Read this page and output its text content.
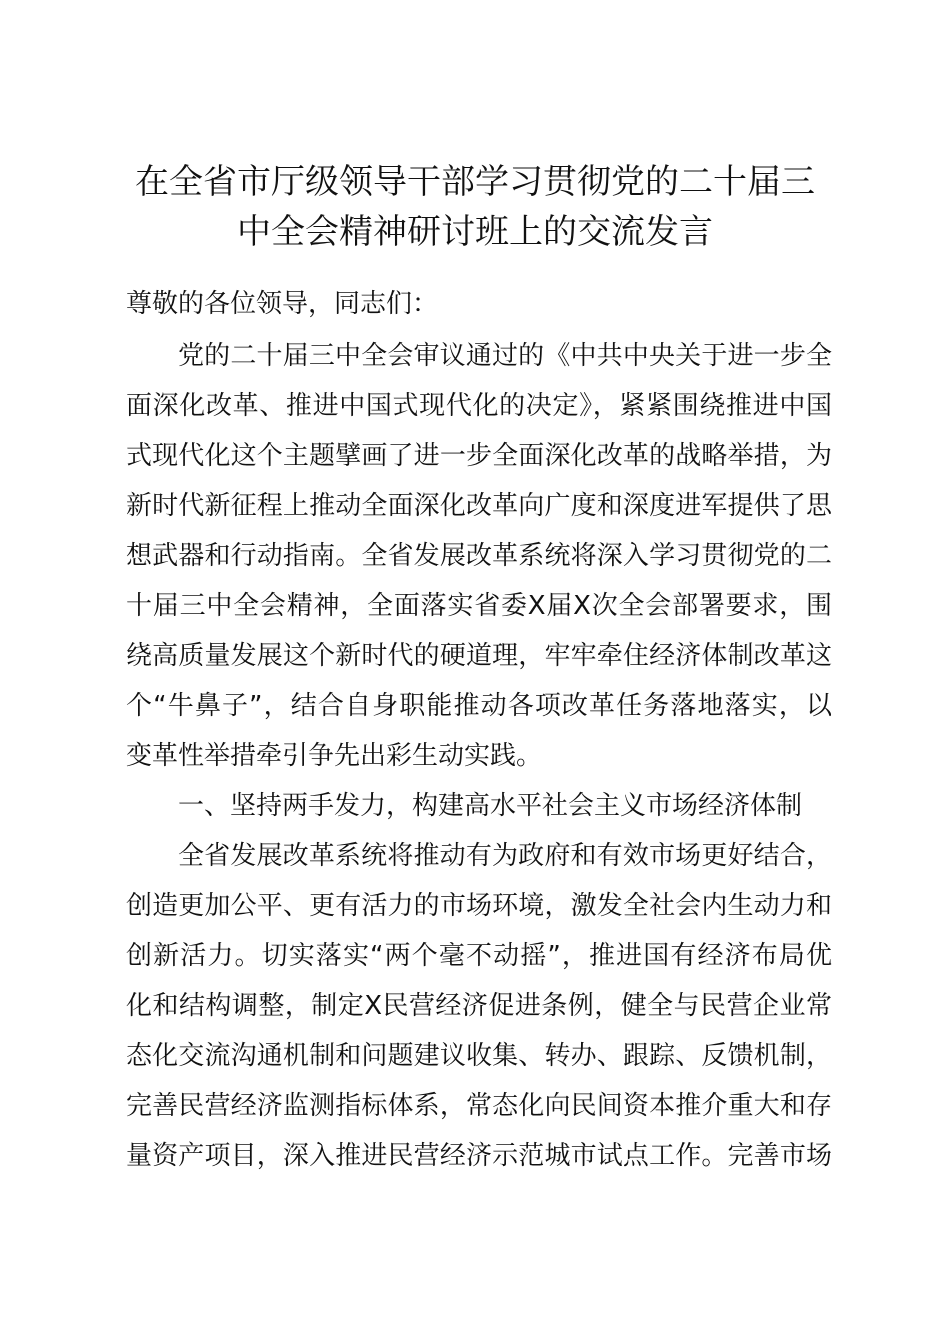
在全省市厅级领导干部学习贯彻党的二十届三
中全会精神研讨班上的交流发言
尊敬的各位领导，同志们：
党的二十届三中全会审议通过的《中共中央关于进一步全
面深化改革、推进中国式现代化的决定》，紧紧围绕推进中国
式现代化这个主题擘画了进一步全面深化改革的战略举措，为
新时代新征程上推动全面深化改革向广度和深度进军提供了思
想武器和行动指南。全省发展改革系统将深入学习贯彻党的二
十届三中全会精神，全面落实省委X届X次全会部署要求，围
绕高质量发展这个新时代的硬道理，牢牢牵住经济体制改革这
个“牛鼻子”，结合自身职能推动各项改革任务落地落实，以
变革性举措牵引争先出彩生动实践。
一、坚持两手发力，构建高水平社会主义市场经济体制
全省发展改革系统将推动有为政府和有效市场更好结合，
创造更加公平、更有活力的市场环境，激发全社会内生动力和
创新活力。切实落实“两个毫不动摇”，推进国有经济布局优
化和结构调整，制定X民营经济促进条例，健全与民营企业常
态化交流沟通机制和问题建议收集、转办、跟踪、反馈机制，
完善民营经济监测指标体系，常态化向民间资本推介重大和存
量资产项目，深入推进民营经济示范城市试点工作。完善市场
